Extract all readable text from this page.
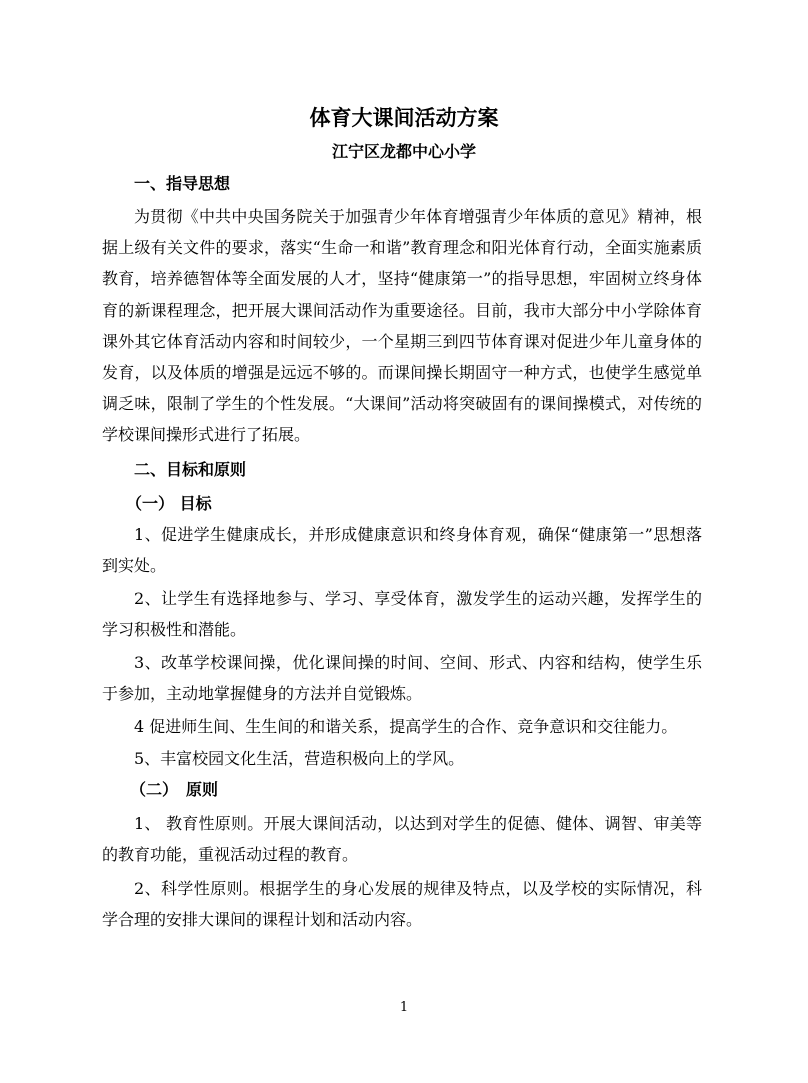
体育大课间活动方案
江宁区龙都中心小学
一、指导思想
为贯彻《中共中央国务院关于加强青少年体育增强青少年体质的意见》精神，根据上级有关文件的要求，落实“生命一和谐”教育理念和阳光体育行动，全面实施素质教育，培养德智体等全面发展的人才，坚持“健康第一”的指导思想，牢固树立终身体育的新课程理念，把开展大课间活动作为重要途径。目前，我市大部分中小学除体育课外其它体育活动内容和时间较少，一个星期三到四节体育课对促进少年儿童身体的发育，以及体质的增强是远远不够的。而课间操长期固守一种方式，也使学生感觉单调乏味，限制了学生的个性发展。“大课间”活动将突破固有的课间操模式，对传统的学校课间操形式进行了拓展。
二、目标和原则
（一） 目标
1、促进学生健康成长，并形成健康意识和终身体育观，确保“健康第一”思想落到实处。
2、让学生有选择地参与、学习、享受体育，激发学生的运动兴趣，发挥学生的学习积极性和潜能。
3、改革学校课间操，优化课间操的时间、空间、形式、内容和结构，使学生乐于参加，主动地掌握健身的方法并自觉锻炼。
4 促进师生间、生生间的和谐关系，提高学生的合作、竞争意识和交往能力。
5、丰富校园文化生活，营造积极向上的学风。
（二）　原则
1、 教育性原则。开展大课间活动，以达到对学生的促德、健体、调智、审美等的教育功能，重视活动过程的教育。
2、科学性原则。根据学生的身心发展的规律及特点，以及学校的实际情况，科学合理的安排大课间的课程计划和活动内容。
1
